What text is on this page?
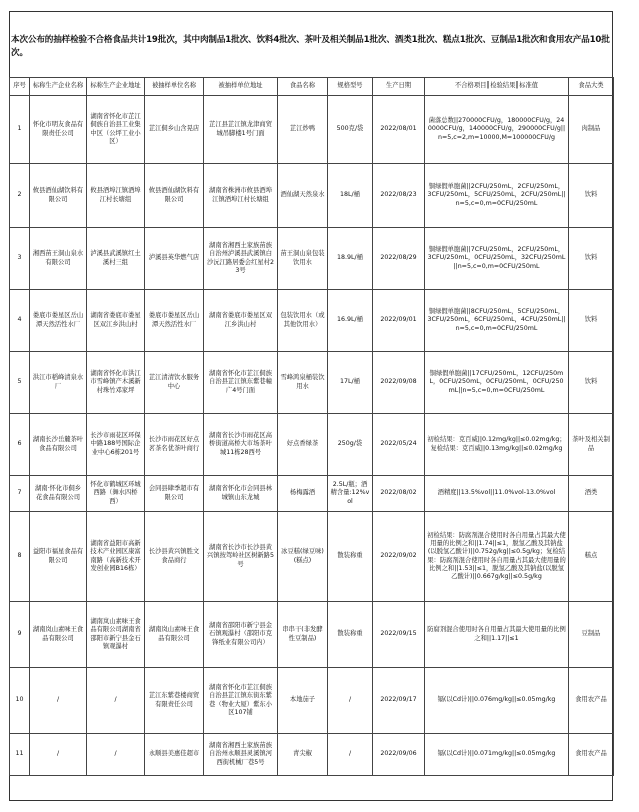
本次公布的抽样检验不合格食品共计19批次，其中肉制品1批次、饮料4批次、茶叶及相关制品1批次、酒类1批次、糕点1批次、豆制品1批次和食用农产品10批次。
序号	标称生产企业名称	标称生产企业地址	被抽样单位名称	被抽样单位地址	食品名称	规格型号	生产日期	不合格项目║检验结果║标准值	食品大类
1	怀化市明友食品有限责任公司	湖南省怀化市芷江侗族自治县工业集中区（公坪工业小区）	芷江侗乡山含晃店	芷江县芷江镇龙津商贸城吊脚楼1号门面	芷江炒鸭	500克/袋	2022/08/01	菌落总数||270000CFU/g，180000CFU/g，240000CFU/g，140000CFU/g，290000CFU/g||n=5,c=2,m=10000,M=100000CFU/g	肉制品
2	攸县酒仙湖饮料有限公司	攸县酒埠江镇酒埠江村长塘组	攸县酒仙湖饮料有限公司	湖南省株洲市攸县酒埠江镇酒埠江村长塘组	酒仙湖天然泉水	18L/桶	2022/08/23	铜绿假单胞菌||2CFU/250mL，2CFU/250mL，3CFU/250mL，5CFU/250mL，2CFU/250mL||n=5,c=0,m=0CFU/250mL	饮料
3	湘西苗王洞山泉水有限公司	泸溪县武溪镇红土溪村三组	泸溪县英华燃气店	湖南省湘西土家族苗族自治州泸溪县武溪镇白沙沅江路居委会红星村23号	苗王洞山泉包装饮用水	18.9L/桶	2022/08/29	铜绿假单胞菌||7CFU/250mL，2CFU/250mL，3CFU/250mL，0CFU/250mL，32CFU/250mL||n=5,c=0,m=0CFU/250mL	饮料
4	娄底市娄星区岳山潭天然活性水厂	湖南省娄底市娄星区双江乡洪山村	娄底市娄星区岳山潭天然活性水厂	湖南省娄底市娄星区双江乡洪山村	包装饮用水（或其他饮用水）	16.9L/桶	2022/09/01	铜绿假单胞菌||8CFU/250mL，5CFU/250mL，3CFU/250mL，6CFU/250mL，4CFU/250mL||n=5,c=0,m=0CFU/250mL	饮料
5	洪江市稻峰清泉水厂	湖南省怀化市洪江市雪峰镇产木溪新村珠竹邓家坪	芷江清清饮水服务中心	湖南省怀化市芷江侗族自治县芷江镇东紫巷幢广4号门面	雪峰鸿泉桶装饮用水	17L/桶	2022/09/08	铜绿假单胞菌||17CFU/250mL，12CFU/250mL，0CFU/250mL，0CFU/250mL，0CFU/250mL||n=5,c=0,m=0CFU/250mL	饮料
6	湖南长沙岳麓茶叶食品有限公司	长沙市雨花区环保中路188号国际企业中心6栋201号	长沙市雨花区好点茗茶名优茶叶商行	湖南省长沙市雨花区高桥街道高桥大市场茶叶城11栋28西号	好点香绿茶	250g/袋	2022/05/24	初检结果：克百威||0.12mg/kg||≤0.02mg/kg；复检结果：克百威||0.13mg/kg||≤0.02mg/kg	茶叶及相关制品
7	湖南·怀化市侗乡花食品有限公司	怀化市鹤城区环城西路（舞水四桥西）	会同县肆季超市有限公司	湖南省怀化市会同县林城镇山东龙城	杨梅露酒	2.5L/瓶；酒精含量:12%vol	2022/08/02	酒精度||13.5%vol||11.0%vol-13.0%vol	酒类
8	益阳市福星食品有限公司	湖南省益阳市高新技术产业园区康富南路（高新技术开发创业园B16栋）	长沙县黄兴镇胜文食品商行	湖南省长沙市长沙县黄兴镇按驾岭社区树新路5号	冰豆糕(绿豆味)(糕点)	散装称重	2022/09/02	初检结果：防腐剂混合使用时各自用量占其最大使用量的比例之和||1.74||≤1，脱氢乙酸及其钠盐(以脱氢乙酸计)||0.752g/kg||≤0.5g/kg；复检结果：防腐剂混合使用时各自用量占其最大使用量的比例之和||1.53||≤1，脱氢乙酸及其钠盐(以脱氢乙酸计)||0.667g/kg||≤0.5g/kg	糕点
9	湖南岚山素味王食品有限公司	湖南岚山素味王食品有限公司湖南省邵阳市新宁县金石镇观瀑村	湖南岚山素味王食品有限公司	湖南省邵阳市新宁县金石镇观瀑村（邵阳市克锋纸业有限公司内）	串串干(非发酵性豆制品)	散装称重	2022/09/15	防腐剂混合使用时各自用量占其最大使用量的比例之和||1.17||≤1	豆制品
10	/	/	芷江东紫巷楼商贸有限责任公司	湖南省怀化市芷江侗族自治县芷江镇东街东紫巷（物业大厦）紫东小区107铺	本地茄子	/	2022/09/17	镉(以Cd计)||0.076mg/kg||≤0.05mg/kg	食用农产品
11	/	/	永顺县美惠佳超市	湖南省湘西土家族苗族自治州永顺县灵溪镇河西街机械厂巷5号	青尖椒	/	2022/09/06	镉(以Cd计)||0.071mg/kg||≤0.05mg/kg	食用农产品
